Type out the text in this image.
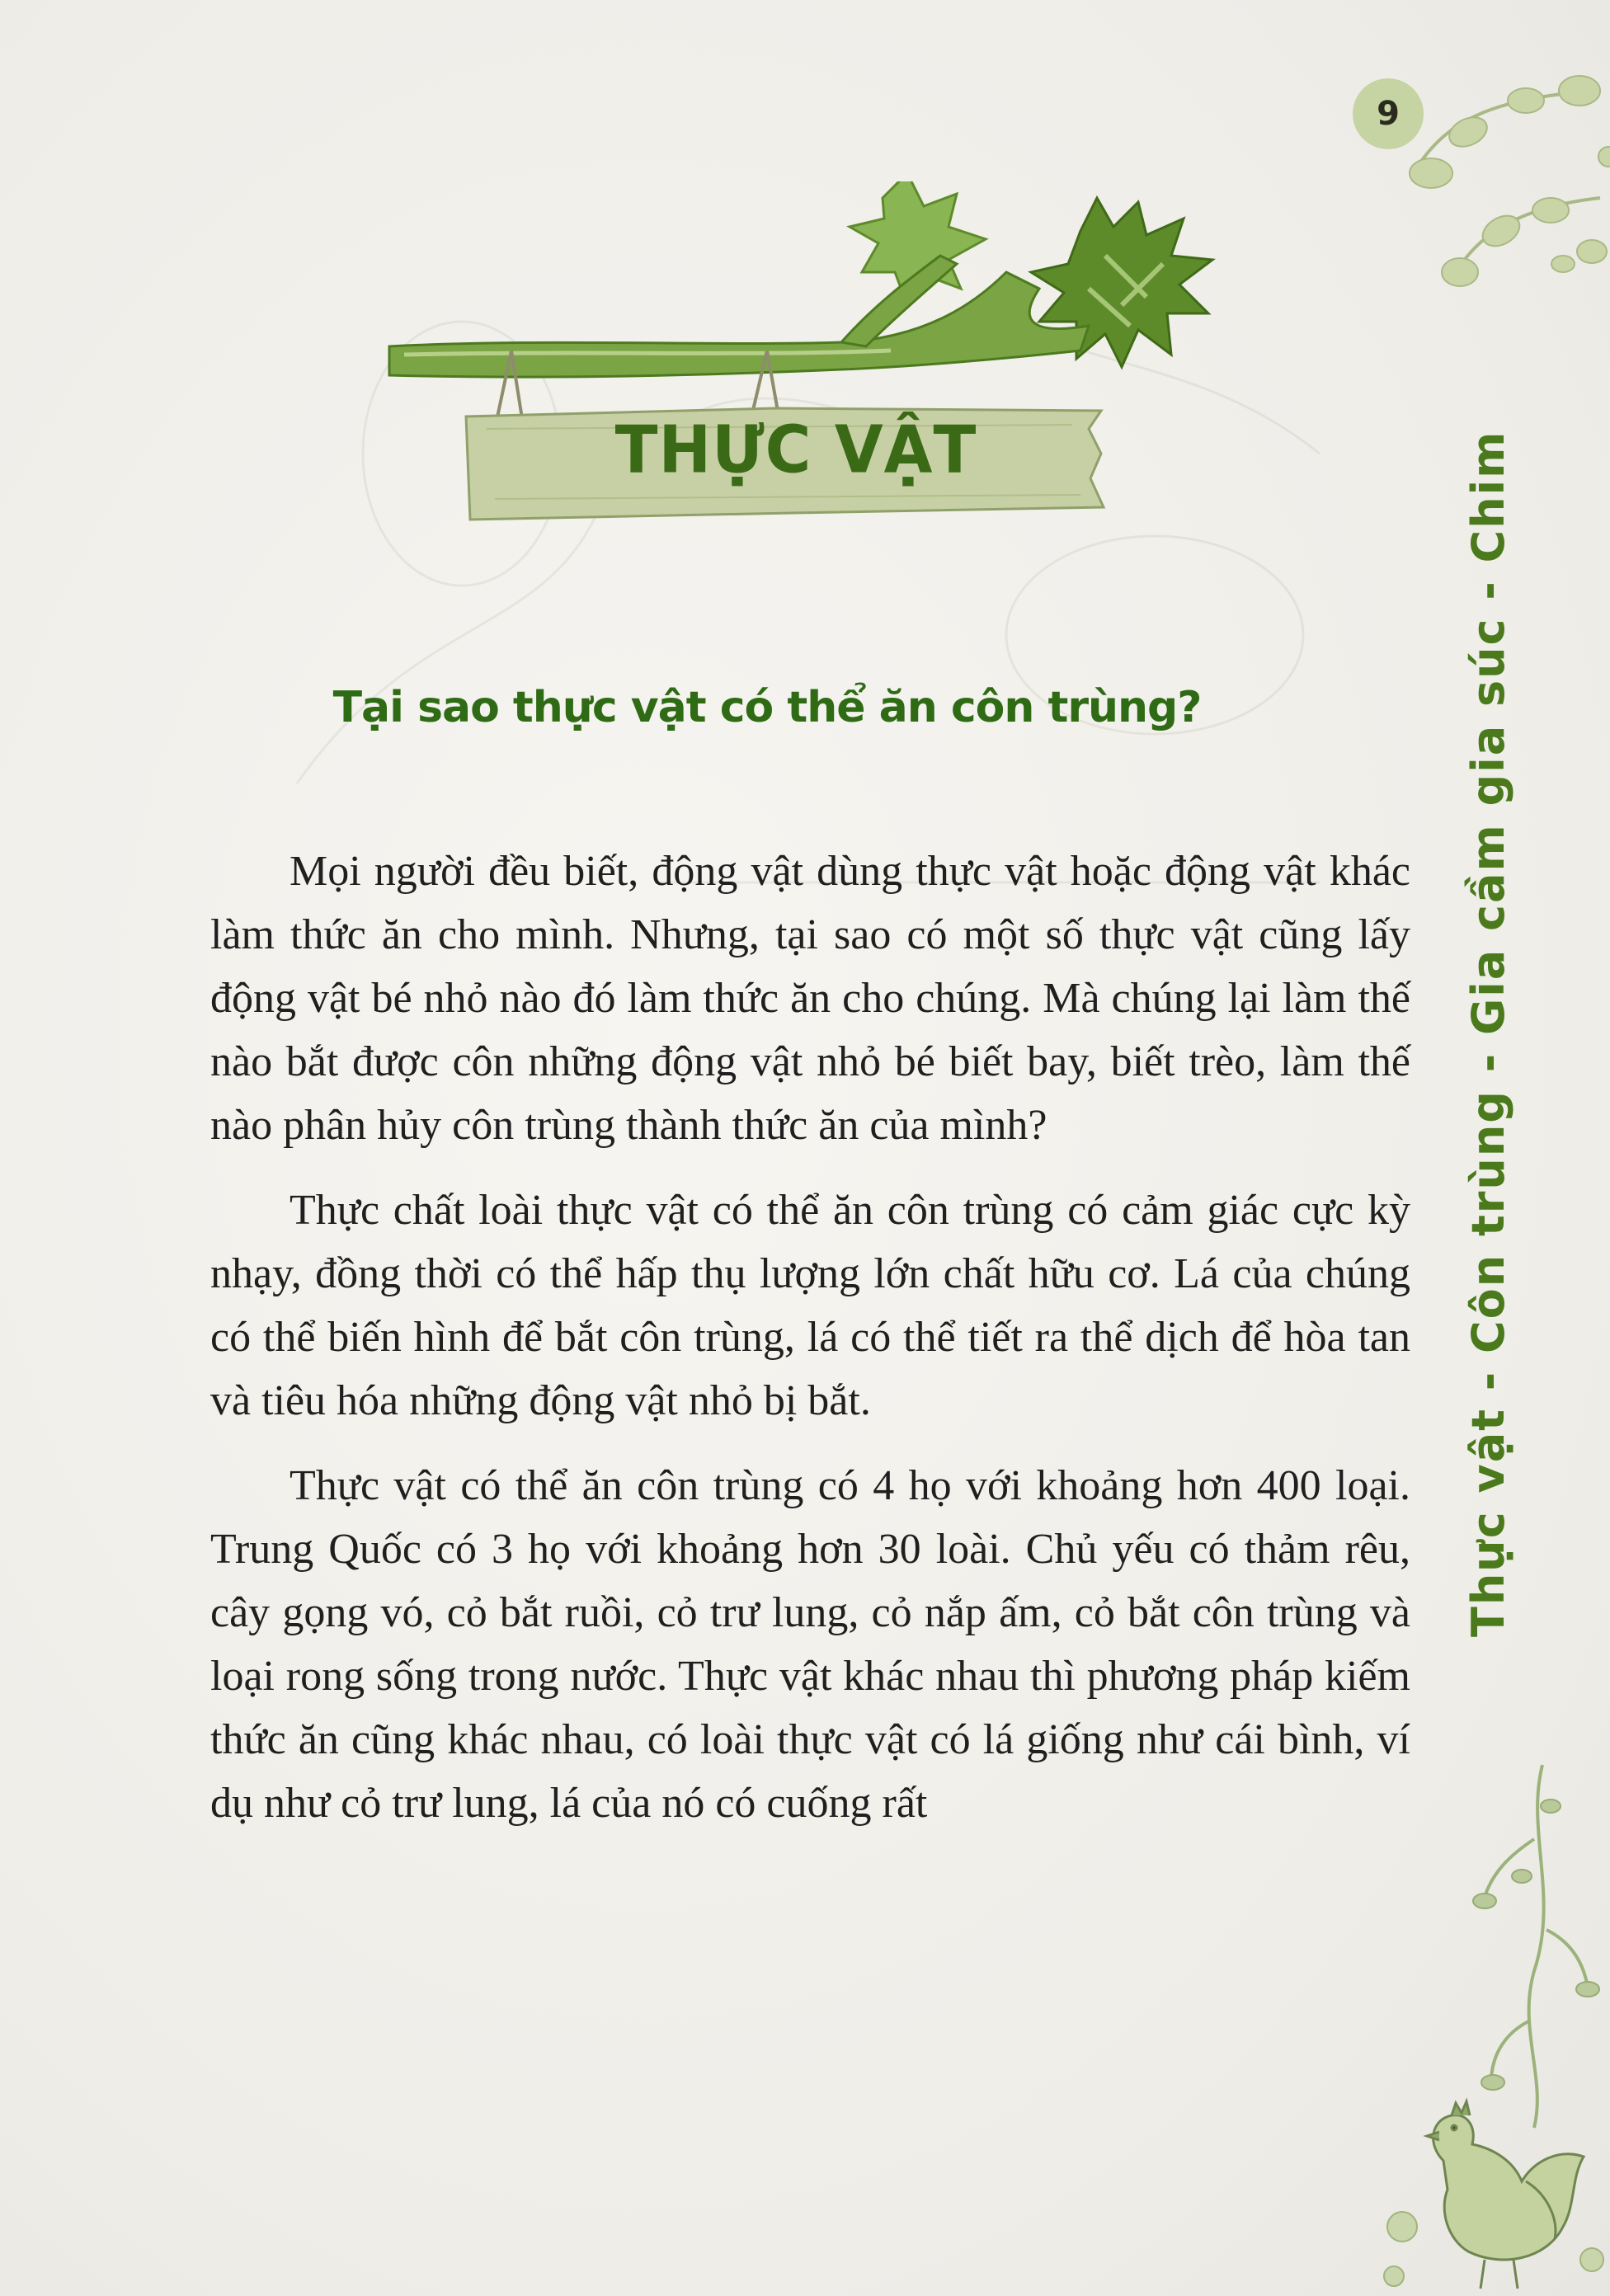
9
THỰC VẬT
Tại sao thực vật có thể ăn côn trùng?

Mọi người đều biết, động vật dùng thực vật hoặc động vật khác làm thức ăn cho mình. Nhưng, tại sao có một số thực vật cũng lấy động vật bé nhỏ nào đó làm thức ăn cho chúng. Mà chúng lại làm thế nào bắt được côn những động vật nhỏ bé biết bay, biết trèo, làm thế nào phân hủy côn trùng thành thức ăn của mình?

Thực chất loài thực vật có thể ăn côn trùng có cảm giác cực kỳ nhạy, đồng thời có thể hấp thụ lượng lớn chất hữu cơ. Lá của chúng có thể biến hình để bắt côn trùng, lá có thể tiết ra thể dịch để hòa tan và tiêu hóa những động vật nhỏ bị bắt.

Thực vật có thể ăn côn trùng có 4 họ với khoảng hơn 400 loại. Trung Quốc có 3 họ với khoảng hơn 30 loài. Chủ yếu có thảm rêu, cây gọng vó, cỏ bắt ruồi, cỏ trư lung, cỏ nắp ấm, cỏ bắt côn trùng và loại rong sống trong nước. Thực vật khác nhau thì phương pháp kiếm thức ăn cũng khác nhau, có loài thực vật có lá giống như cái bình, ví dụ như cỏ trư lung, lá của nó có cuống rất

Thực vật - Côn trùng - Gia cầm gia súc - Chim
